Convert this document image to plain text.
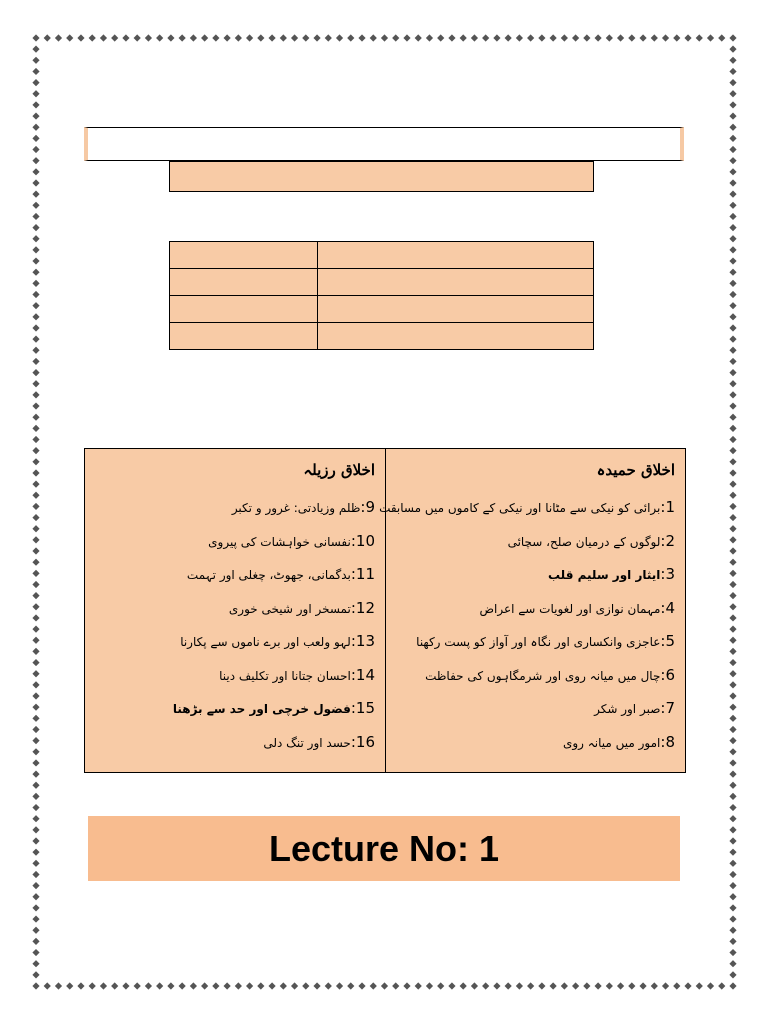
اخلاق رزیلہ
9:ظلم وزیادتی: غرور و تکبر
10:نفسانی خواہشات کی پیروی
11:بدگمانی، جھوٹ، چغلی اور تہمت
12:تمسخر اور شیخی خوری
13:لہو ولعب اور برے ناموں سے پکارنا
14:احسان جتانا اور تکلیف دینا
15:فضول خرچی اور حد سے بڑھنا
16:حسد اور تنگ دلی

اخلاق حمیدہ
1:برائی کو نیکی سے مٹانا اور نیکی کے کاموں میں مسابقت
2:لوگوں کے درمیان صلح، سچائی
3:ایثار اور سلیم قلب
4:مہمان نوازی اور لغویات سے اعراض
5:عاجزی وانکساری اور نگاہ اور آواز کو پست رکھنا
6:چال میں میانہ روی اور شرمگاہوں کی حفاظت
7:صبر اور شکر
8:امور میں میانہ روی
Lecture No: 1
